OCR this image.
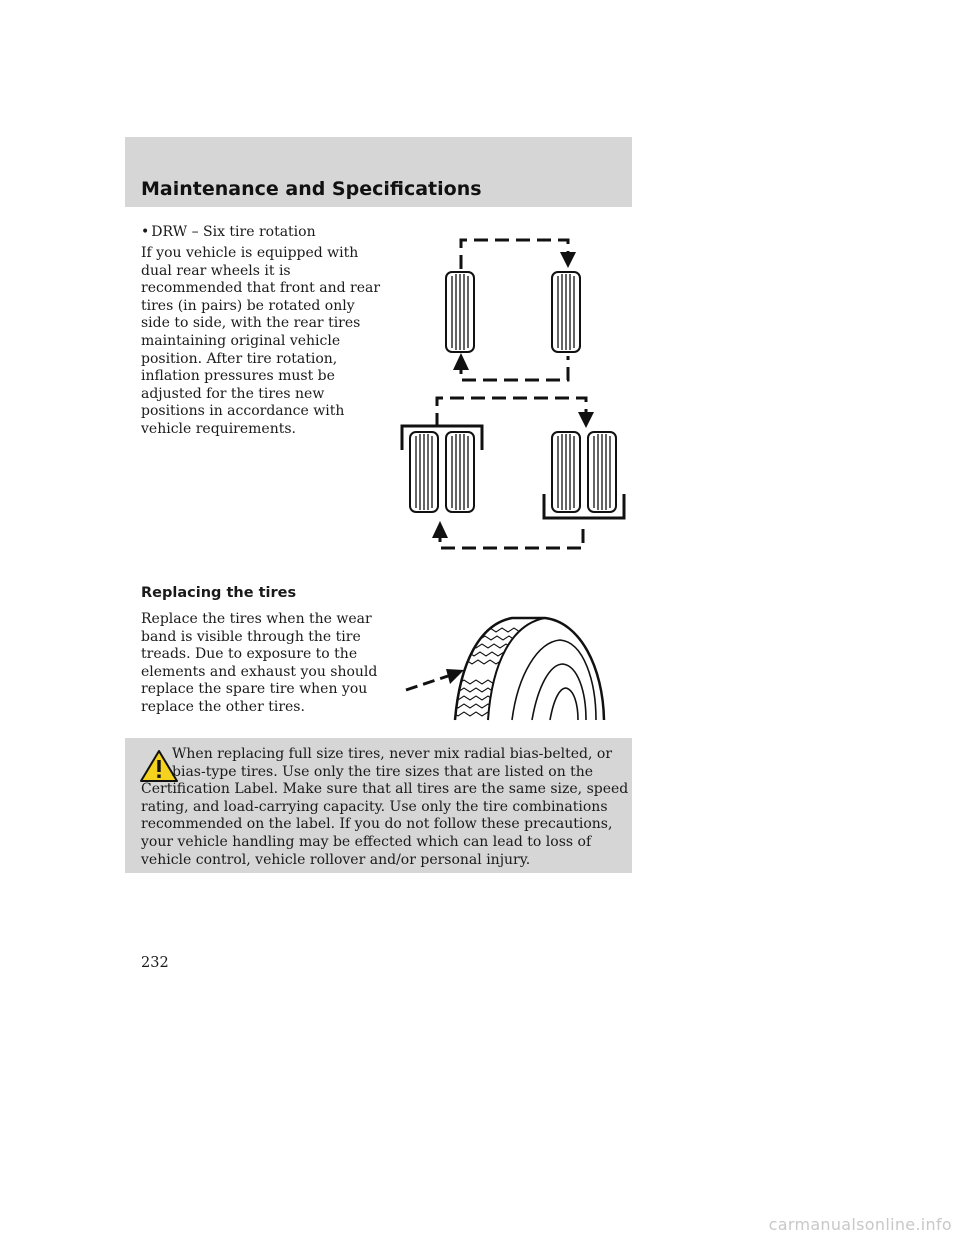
Maintenance and Specifications
• DRW – Six tire rotation

If you vehicle is equipped with dual rear wheels it is recommended that front and rear tires (in pairs) be rotated only side to side, with the rear tires maintaining original vehicle position. After tire rotation, inflation pressures must be adjusted for the tires new positions in accordance with vehicle requirements.

Replacing the tires

Replace the tires when the wear band is visible through the tire treads. Due to exposure to the elements and exhaust you should replace the spare tire when you replace the other tires.

When replacing full size tires, never mix radial bias-belted, or bias-type tires. Use only the tire sizes that are listed on the Certification Label. Make sure that all tires are the same size, speed rating, and load-carrying capacity. Use only the tire combinations recommended on the label. If you do not follow these precautions, your vehicle handling may be effected which can lead to loss of vehicle control, vehicle rollover and/or personal injury.

232
carmanualsonline.info
